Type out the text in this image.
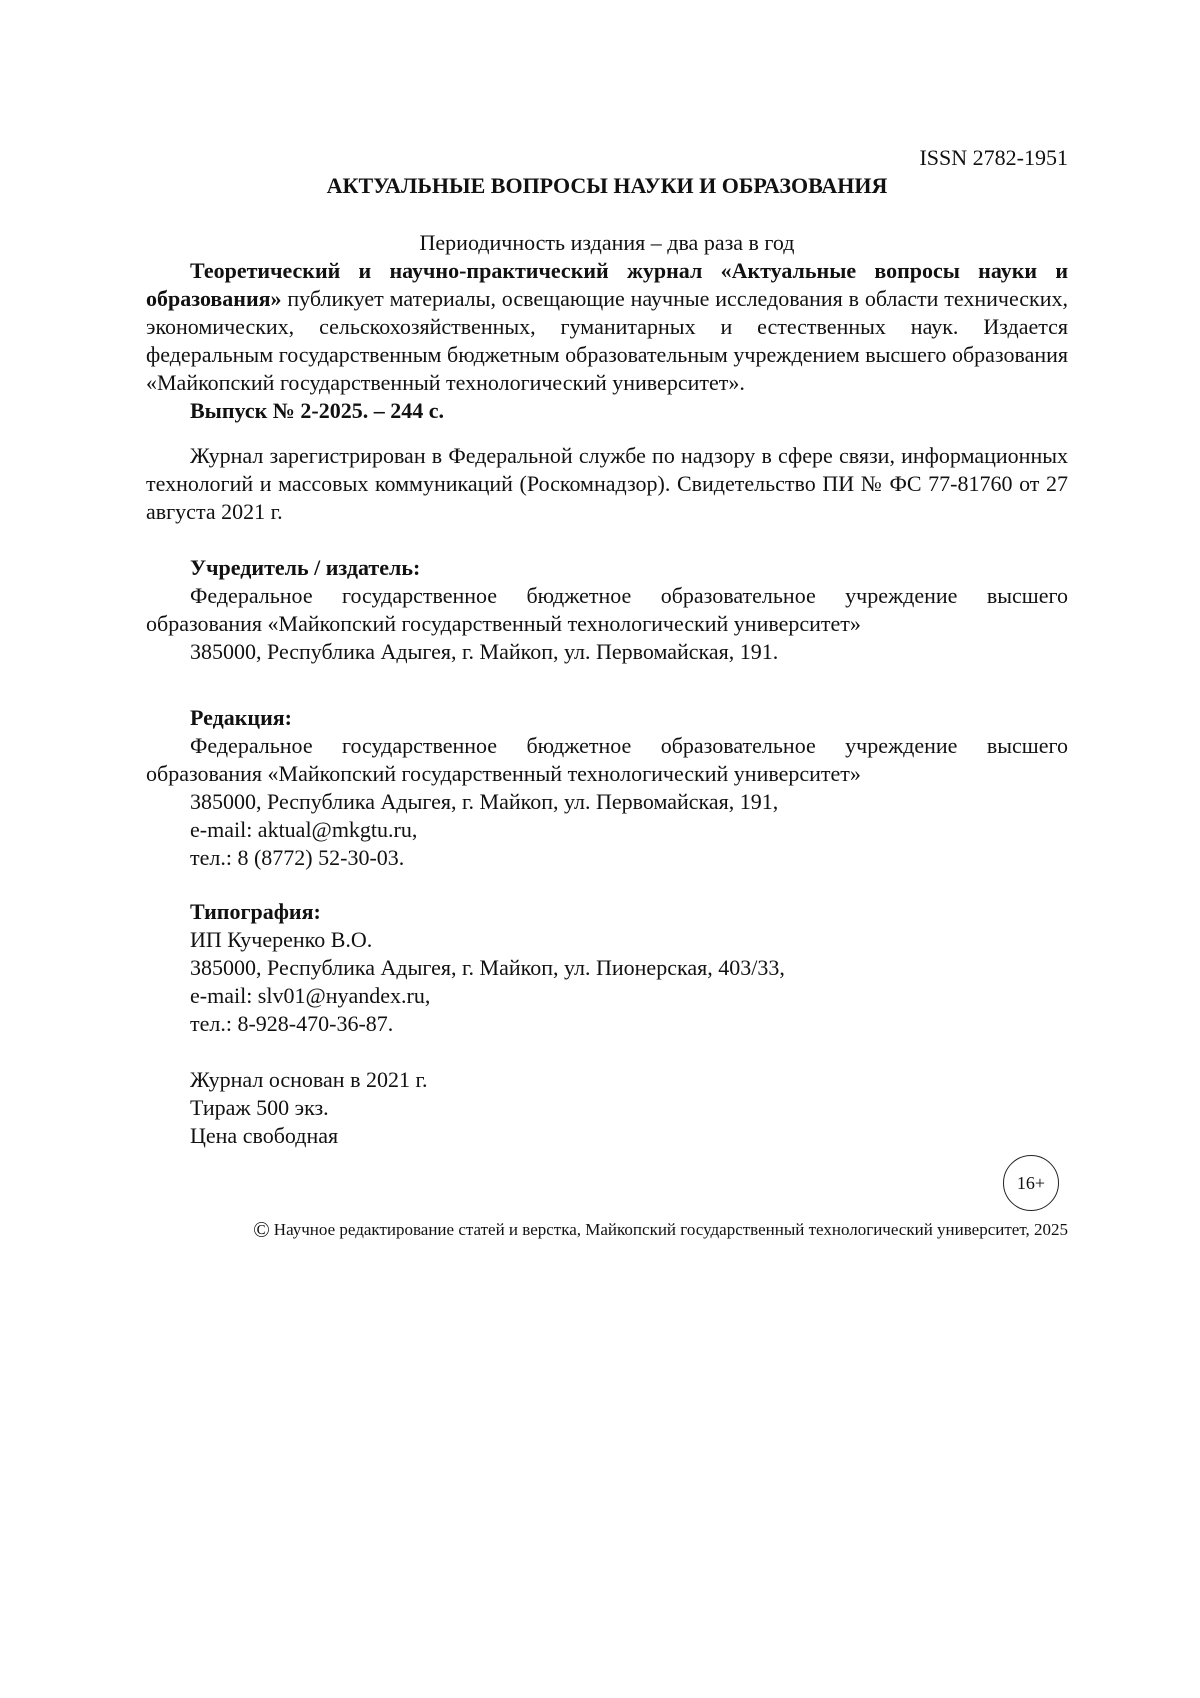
ISSN 2782-1951
АКТУАЛЬНЫЕ ВОПРОСЫ НАУКИ И ОБРАЗОВАНИЯ
Периодичность издания – два раза в год

Теоретический и научно-практический журнал «Актуальные вопросы науки и образования» публикует материалы, освещающие научные исследования в области технических, экономических, сельскохозяйственных, гуманитарных и естественных наук. Издается федеральным государственным бюджетным образовательным учреждением высшего образования «Майкопский государственный технологический университет».

Выпуск № 2-2025. – 244 с.

Журнал зарегистрирован в Федеральной службе по надзору в сфере связи, информационных технологий и массовых коммуникаций (Роскомнадзор). Свидетельство ПИ № ФС 77-81760 от 27 августа 2021 г.

Учредитель / издатель:

Федеральное государственное бюджетное образовательное учреждение высшего образования «Майкопский государственный технологический университет»

385000, Республика Адыгея, г. Майкоп, ул. Первомайская, 191.

Редакция:

Федеральное государственное бюджетное образовательное учреждение высшего образования «Майкопский государственный технологический университет»

385000, Республика Адыгея, г. Майкоп, ул. Первомайская, 191,

e-mail: aktual@mkgtu.ru,

тел.: 8 (8772) 52-30-03.

Типография:

ИП Кучеренко В.О.

385000, Республика Адыгея, г. Майкоп, ул. Пионерская, 403/33,

e-mail: slv01@нyandex.ru,

тел.: 8-928-470-36-87.

Журнал основан в 2021 г.

Тираж 500 экз.

Цена свободная

16+
© Научное редактирование статей и верстка, Майкопский государственный технологический университет, 2025
